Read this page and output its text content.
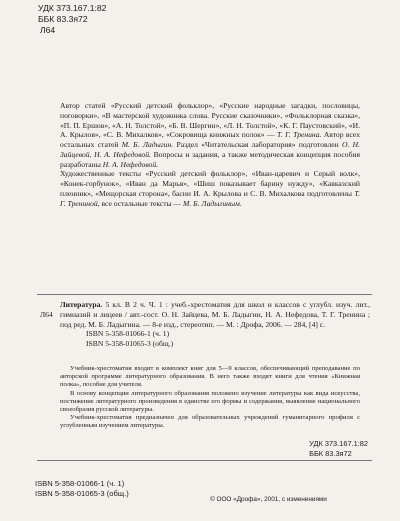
УДК 373.167.1:82
ББК 83.3я72
Л64

Автор статей «Русский детский фольклор», «Русские народные загадки, пословицы, поговорки», «В мастерской художника слова. Русские сказочники», «Фольклорная сказка», «П. П. Ершов», «А. Н. Толстой», «Б. В. Шергин», «Л. Н. Толстой», «К. Г. Паустовский», «И. А. Крылов», «С. В. Михалков», «Сокровища книжных полок» — Т. Г. Тренина. Автор всех остальных статей М. Б. Ладыгин. Раздел «Читательская лаборатория» подготовлен О. Н. Зайцевой, Н. А. Нефедовой. Вопросы и задания, а также методическая концепция пособия разработаны Н. А. Нефедовой.

Художественные тексты «Русский детский фольклор», «Иван-царевич и Серый волк», «Конек-горбунок», «Иван да Марья», «Шиш показывает барину нужду», «Кавказский пленник», «Мещорская сторона», басни И. А. Крылова и С. В. Михалкова подготовлены Т. Г. Трениной, все остальные тексты — М. Б. Ладыгиным.

Л64
Литература. 5 кл. В 2 ч. Ч. 1 : учеб.-хрестоматия для школ и классов с углубл. изуч. лит., гимназий и лицеев / авт.-сост. О. Н. Зайцева, М. Б. Ладыгин, Н. А. Нефедова, Т. Г. Тренина ; под ред. М. Б. Ладыгина. — 8-е изд., стереотип. — М. : Дрофа, 2006. — 284, [4] с.
ISBN 5-358-01066-1 (ч. 1)
ISBN 5-358-01065-3 (общ.)

Учебник-хрестоматия входит в комплект книг для 5—9 классов, обеспечивающий преподавание по авторской программе литературного образования. В него также входят книги для чтения «Книжная полка», пособие для учителя.

В основу концепции литературного образования положено изучение литературы как вида искусства, постижение литературного произведения в единстве его формы и содержания, выявление национального своеобразия русской литературы.

Учебник-хрестоматия предназначен для образовательных учреждений гуманитарного профиля с углубленным изучением литературы.

УДК 373.167.1:82
ББК 83.3я72
ISBN 5-358-01066-1 (ч. 1)
ISBN 5-358-01065-3 (общ.)
© ООО «Дрофа», 2001, с изменениями
